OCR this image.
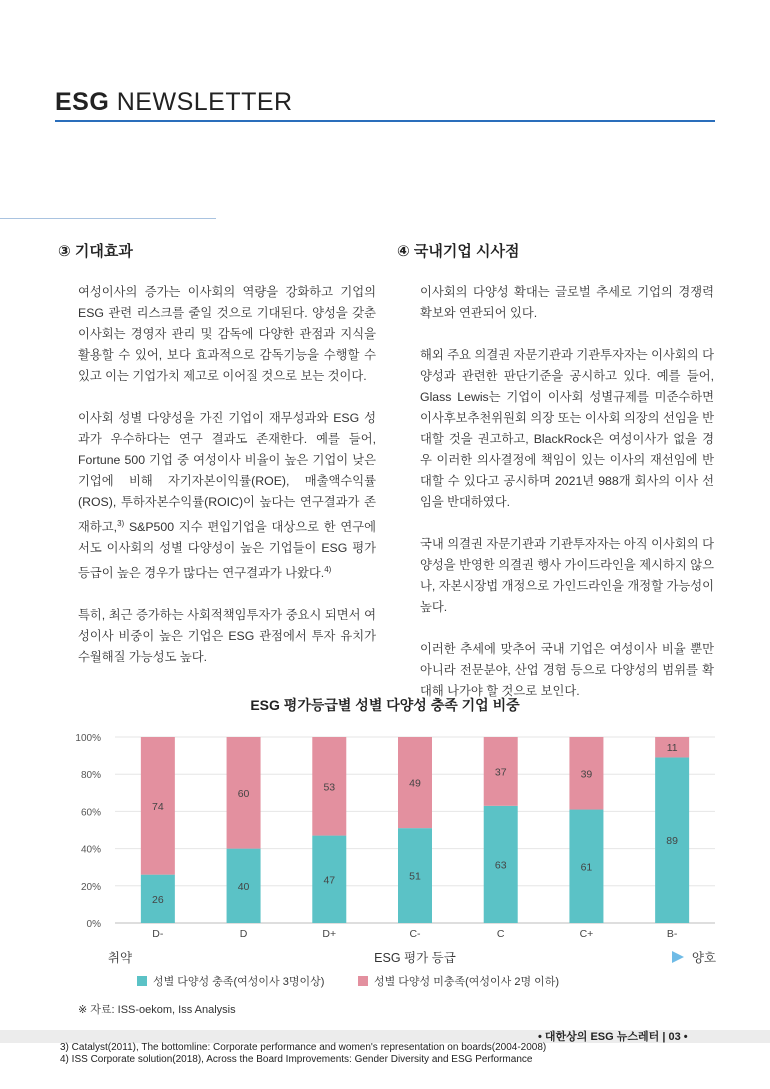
ESG NEWSLETTER
③ 기대효과

여성이사의 증가는 이사회의 역량을 강화하고 기업의 ESG 관련 리스크를 줄일 것으로 기대된다. 양성을 갖춘 이사회는 경영자 관리 및 감독에 다양한 관점과 지식을 활용할 수 있어, 보다 효과적으로 감독기능을 수행할 수 있고 이는 기업가치 제고로 이어질 것으로 보는 것이다.

이사회 성별 다양성을 가진 기업이 재무성과와 ESG 성과가 우수하다는 연구 결과도 존재한다. 예를 들어, Fortune 500 기업 중 여성이사 비율이 높은 기업이 낮은 기업에 비해 자기자본이익률(ROE), 매출액수익률(ROS), 투하자본수익률(ROIC)이 높다는 연구결과가 존재하고,$^{3)}$ S&P500 지수 편입기업을 대상으로 한 연구에서도 이사회의 성별 다양성이 높은 기업들이 ESG 평가 등급이 높은 경우가 많다는 연구결과가 나왔다.$^{4)}$

특히, 최근 증가하는 사회적책임투자가 중요시 되면서 여성이사 비중이 높은 기업은 ESG 관점에서 투자 유치가 수월해질 가능성도 높다.

④ 국내기업 시사점

이사회의 다양성 확대는 글로벌 추세로 기업의 경쟁력 확보와 연관되어 있다.

해외 주요 의결권 자문기관과 기관투자자는 이사회의 다양성과 관련한 판단기준을 공시하고 있다. 예를 들어, Glass Lewis는 기업이 이사회 성별규제를 미준수하면 이사후보추천위원회 의장 또는 이사회 의장의 선임을 반대할 것을 권고하고, BlackRock은 여성이사가 없을 경우 이러한 의사결정에 책임이 있는 이사의 재선임에 반대할 수 있다고 공시하며 2021년 988개 회사의 이사 선임을 반대하였다.

국내 의결권 자문기관과 기관투자자는 아직 이사회의 다양성을 반영한 의결권 행사 가이드라인을 제시하지 않으나, 자본시장법 개정으로 가인드라인을 개정할 가능성이 높다.

이러한 추세에 맞추어 국내 기업은 여성이사 비율 뿐만 아니라 전문분야, 산업 경험 등으로 다양성의 범위를 확대해 나가야 할 것으로 보인다.

ESG 평가등급별 성별 다양성 충족 기업 비중
0%
20%
40%
60%
80%
100%
26
74
40
60
47
53
51
49
63
37
61
39
89
11
D-	D	D+	C-	C	C+	B-
ESG 평가 등급
취약	양호
성별 다양성 충족(여성이사 3명이상)	성별 다양성 미충족(여성이사 2명 이하)
※ 자료: ISS-oekom, Iss Analysis
• 대한상의 ESG 뉴스레터 | 03 •
3) Catalyst(2011), The bottomline: Corporate performance and women's representation on boards(2004-2008)
4) ISS Corporate solution(2018), Across the Board Improvements: Gender Diversity and ESG Performance
